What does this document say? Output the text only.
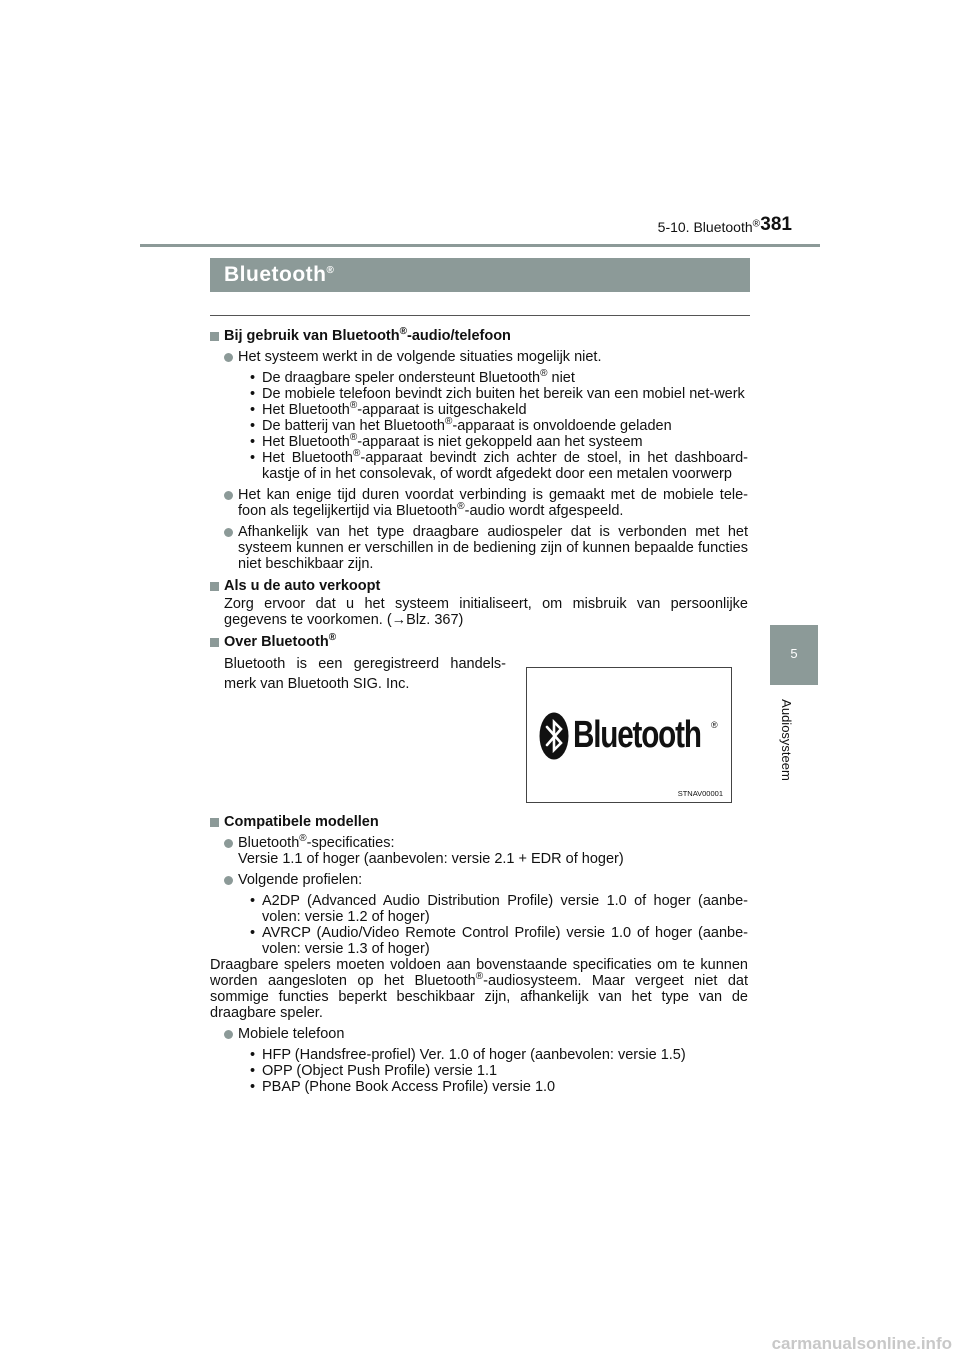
5-10. Bluetooth® 381
5
Audiosysteem
Bluetooth®
Bij gebruik van Bluetooth®-audio/telefoon
Het systeem werkt in de volgende situaties mogelijk niet.
• De draagbare speler ondersteunt Bluetooth® niet
• De mobiele telefoon bevindt zich buiten het bereik van een mobiel net-werk
• Het Bluetooth®-apparaat is uitgeschakeld
• De batterij van het Bluetooth®-apparaat is onvoldoende geladen
• Het Bluetooth®-apparaat is niet gekoppeld aan het systeem
• Het Bluetooth®-apparaat bevindt zich achter de stoel, in het dashboard-kastje of in het consolevak, of wordt afgedekt door een metalen voorwerp
Het kan enige tijd duren voordat verbinding is gemaakt met de mobiele tele-foon als tegelijkertijd via Bluetooth®-audio wordt afgespeeld.
Afhankelijk van het type draagbare audiospeler dat is verbonden met het systeem kunnen er verschillen in de bediening zijn of kunnen bepaalde functies niet beschikbaar zijn.
Als u de auto verkoopt
Zorg ervoor dat u het systeem initialiseert, om misbruik van persoonlijke gegevens te voorkomen. (→Blz. 367)
Over Bluetooth®
Bluetooth is een geregistreerd handels-merk van Bluetooth SIG. Inc.
Compatibele modellen
Bluetooth®-specificaties:
Versie 1.1 of hoger (aanbevolen: versie 2.1 + EDR of hoger)
Volgende profielen:
• A2DP (Advanced Audio Distribution Profile) versie 1.0 of hoger (aanbe-volen: versie 1.2 of hoger)
• AVRCP (Audio/Video Remote Control Profile) versie 1.0 of hoger (aanbe-volen: versie 1.3 of hoger)
Draagbare spelers moeten voldoen aan bovenstaande specificaties om te kunnen worden aangesloten op het Bluetooth®-audiosysteem. Maar vergeet niet dat sommige functies beperkt beschikbaar zijn, afhankelijk van het type van de draagbare speler.
Mobiele telefoon
• HFP (Handsfree-profiel) Ver. 1.0 of hoger (aanbevolen: versie 1.5)
• OPP (Object Push Profile) versie 1.1
• PBAP (Phone Book Access Profile) versie 1.0
Bluetooth ®
STNAV00001
carmanualsonline.info
